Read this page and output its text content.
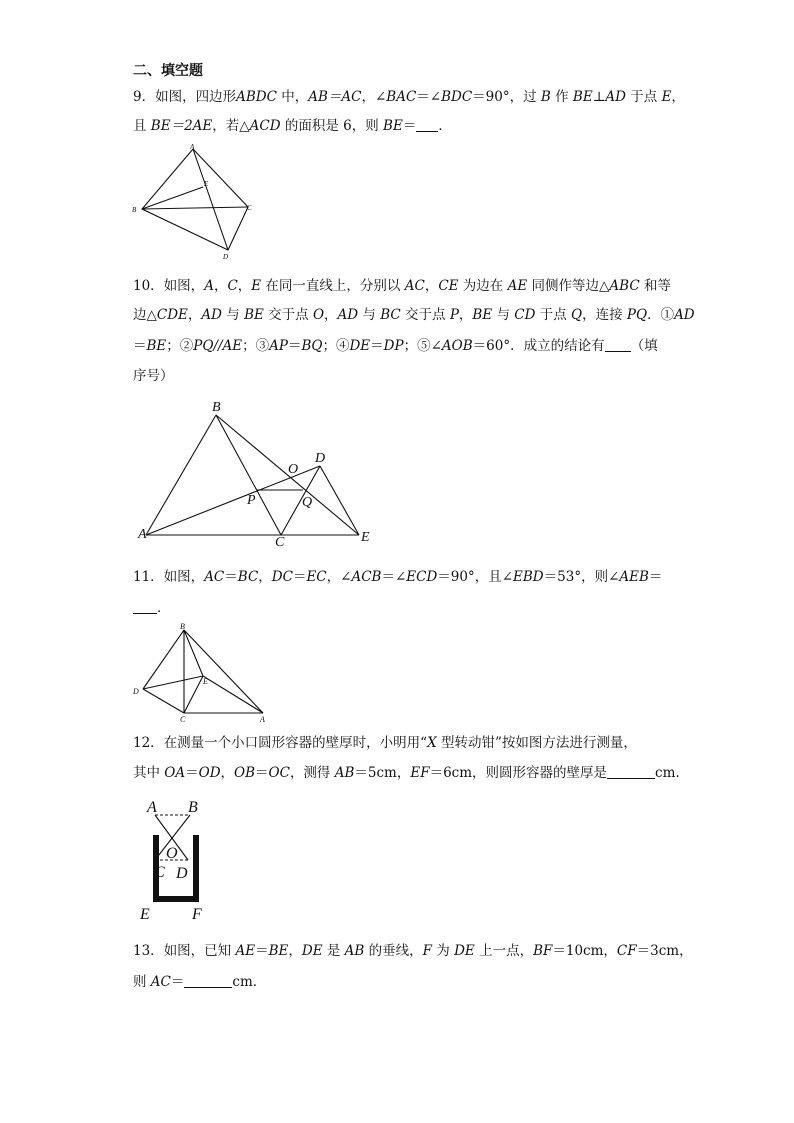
二、填空题
9．如图，四边形ABDC 中，AB＝AC，∠BAC＝∠BDC＝90°，过 B 作 BE⊥AD 于点 E，
且 BE＝2AE，若△ACD 的面积是 6，则 BE＝ ．
A
B	C
D
E
10．如图，A，C，E 在同一直线上，分别以 AC，CE 为边在 AE 同侧作等边△ABC 和等
边△CDE，AD 与 BE 交于点 O，AD 与 BC 交于点 P，BE 与 CD 于点 Q，连接 PQ．①AD
＝BE；②PQ//AE；③AP＝BQ；④DE＝DP；⑤∠AOB＝60°．成立的结论有 （填
序号）
A
B
C
D
E
O
P	Q
11．如图，AC＝BC，DC＝EC，∠ACB＝∠ECD＝90°，且∠EBD＝53°，则∠AEB＝
．
B
D
C	A
E
12．在测量一个小口圆形容器的壁厚时，小明用“X 型转动钳”按如图方法进行测量，
其中 OA＝OD，OB＝OC，测得 AB＝5cm，EF＝6cm，则圆形容器的壁厚是	cm.
A B
O
C D
E	F
13．如图，已知 AE＝BE，DE 是 AB 的垂线，F 为 DE 上一点，BF＝10cm，CF＝3cm，
则 AC＝	cm．
